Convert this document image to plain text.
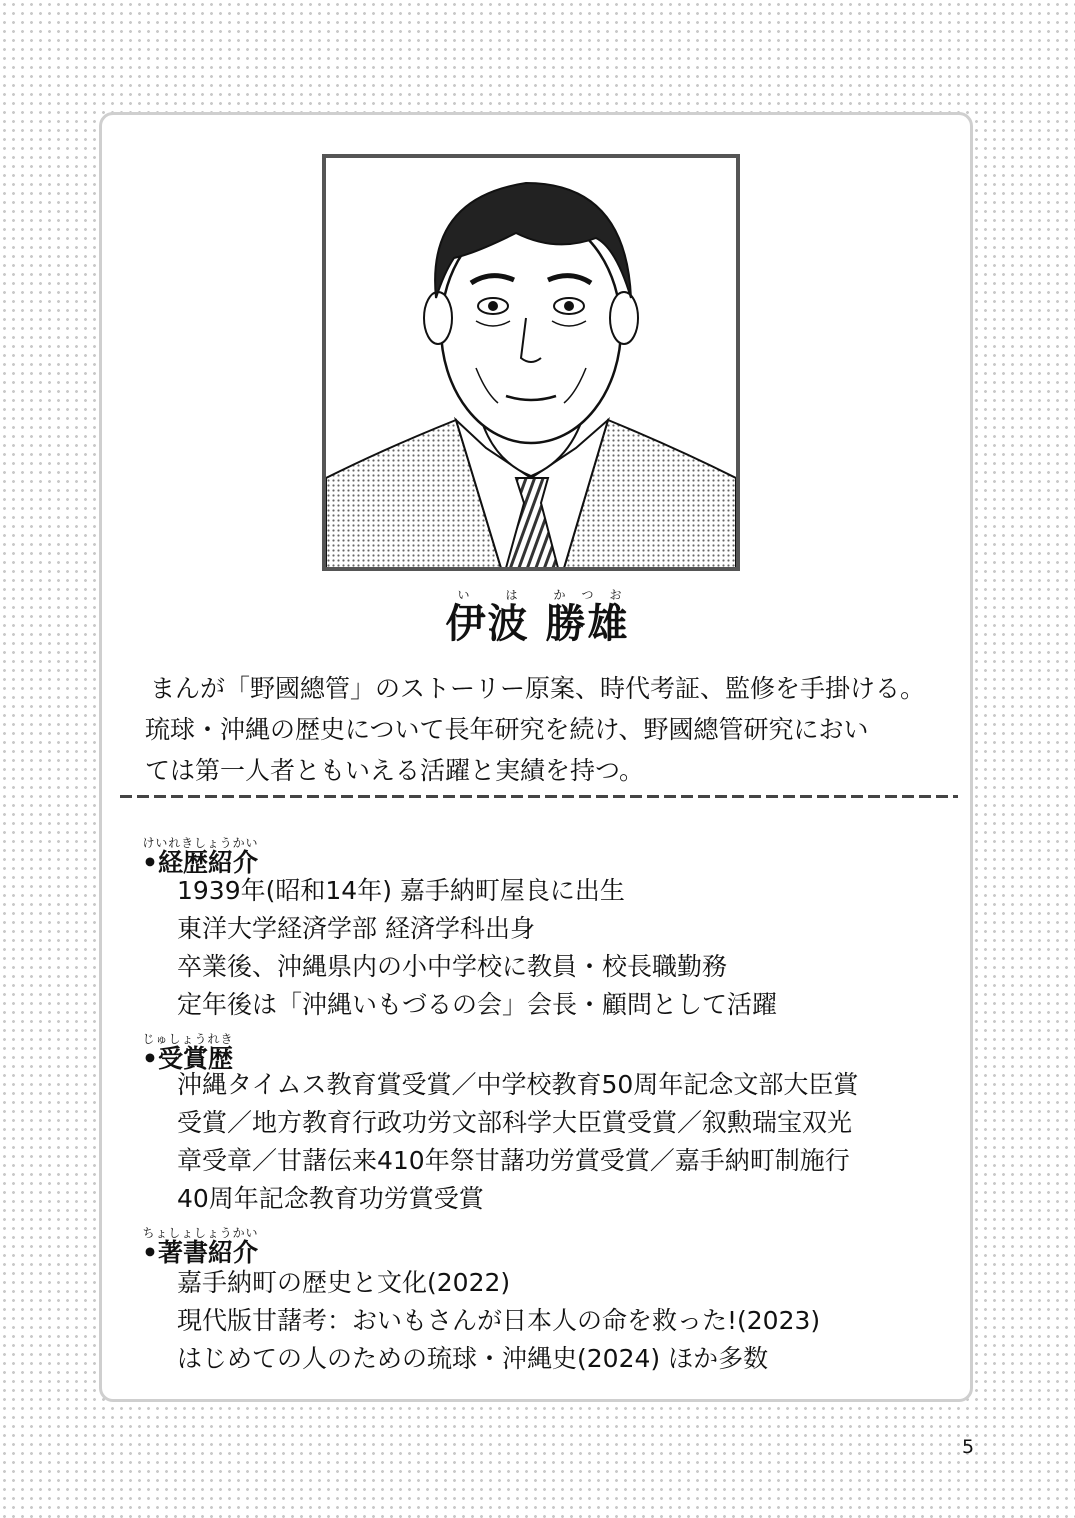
伊波いは 勝雄かつお
まんが「野國總管」のストーリー原案、時代考証、監修を手掛ける。
琉球・沖縄の歴史について長年研究を続け、野國總管研究におい
ては第一人者ともいえる活躍と実績を持つ。
•経歴紹介けいれきしょうかい
1939年(昭和14年) 嘉手納町屋良に出生
東洋大学経済学部 経済学科出身
卒業後、沖縄県内の小中学校に教員・校長職勤務
定年後は「沖縄いもづるの会」会長・顧問として活躍
•受賞歴じゅしょうれき
沖縄タイムス教育賞受賞／中学校教育50周年記念文部大臣賞
受賞／地方教育行政功労文部科学大臣賞受賞／叙勲瑞宝双光
章受章／甘藷伝来410年祭甘藷功労賞受賞／嘉手納町制施行
40周年記念教育功労賞受賞
•著書紹介ちょしょしょうかい
嘉手納町の歴史と文化(2022)
現代版甘藷考：おいもさんが日本人の命を救った!(2023)
はじめての人のための琉球・沖縄史(2024) ほか多数
5
